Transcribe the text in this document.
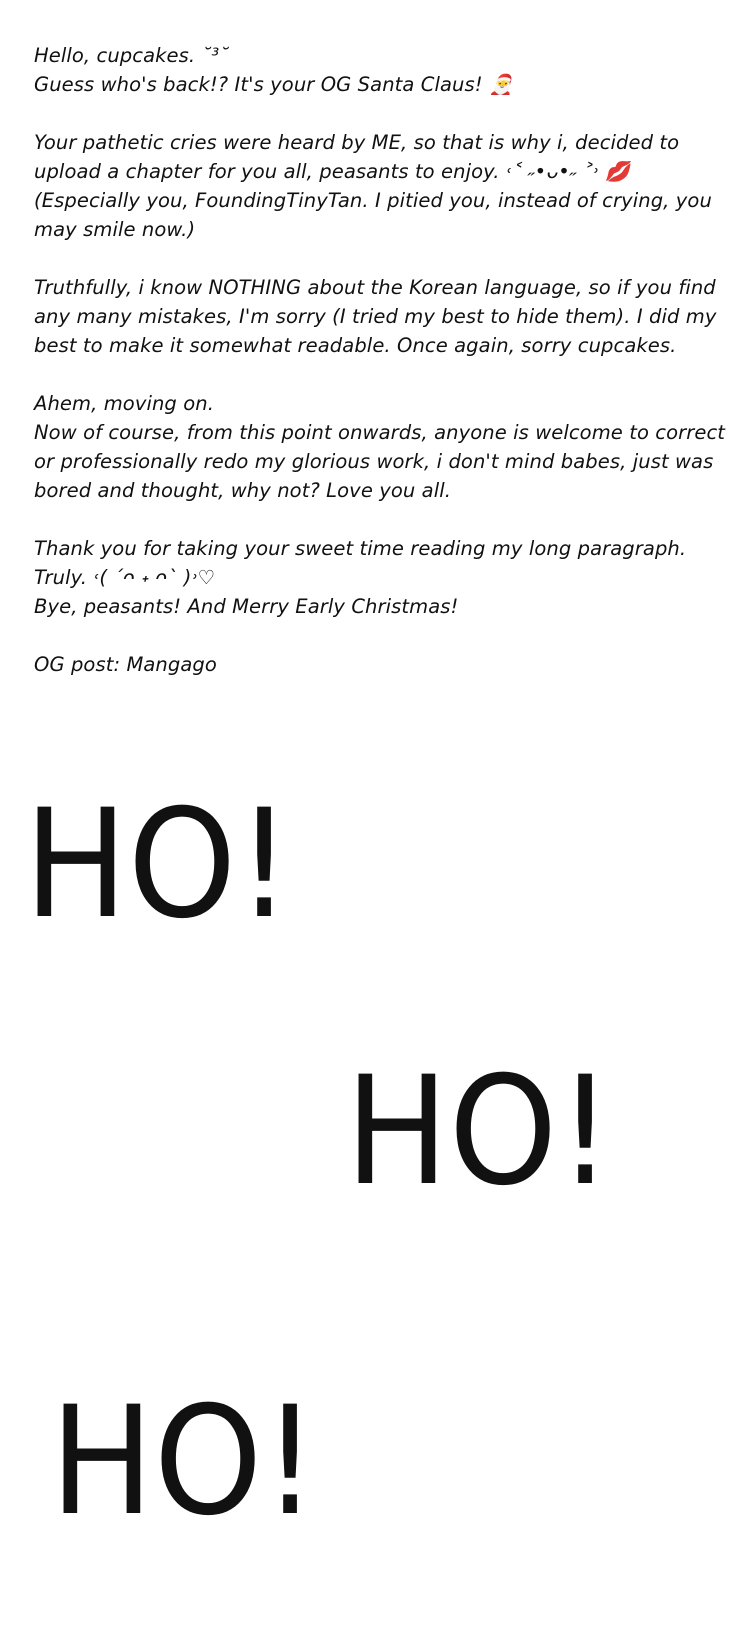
Hello, cupcakes. ˘³˘
Guess who's back!? It's your OG Santa Claus! 🎅
Your pathetic cries were heard by ME, so that is why i, decided to upload a chapter for you all, peasants to enjoy. ˓˂ ˶•ᴗ•˶ ˃˒ 💋 (Especially you, FoundingTinyTan. I pitied you, instead of crying, you may smile now.)
Truthfully, i know NOTHING about the Korean language, so if you find any many mistakes, I'm sorry (I tried my best to hide them). I did my best to make it somewhat readable. Once again, sorry cupcakes.
Ahem, moving on.
Now of course, from this point onwards, anyone is welcome to correct or professionally redo my glorious work, i don't mind babes, just was bored and thought, why not? Love you all.
Thank you for taking your sweet time reading my long paragraph.
Truly. ˓( ´ᴖ ˖ ᴖ` )˒♡
Bye, peasants! And Merry Early Christmas!
OG post: Mangago
HO!
HO!
HO!
